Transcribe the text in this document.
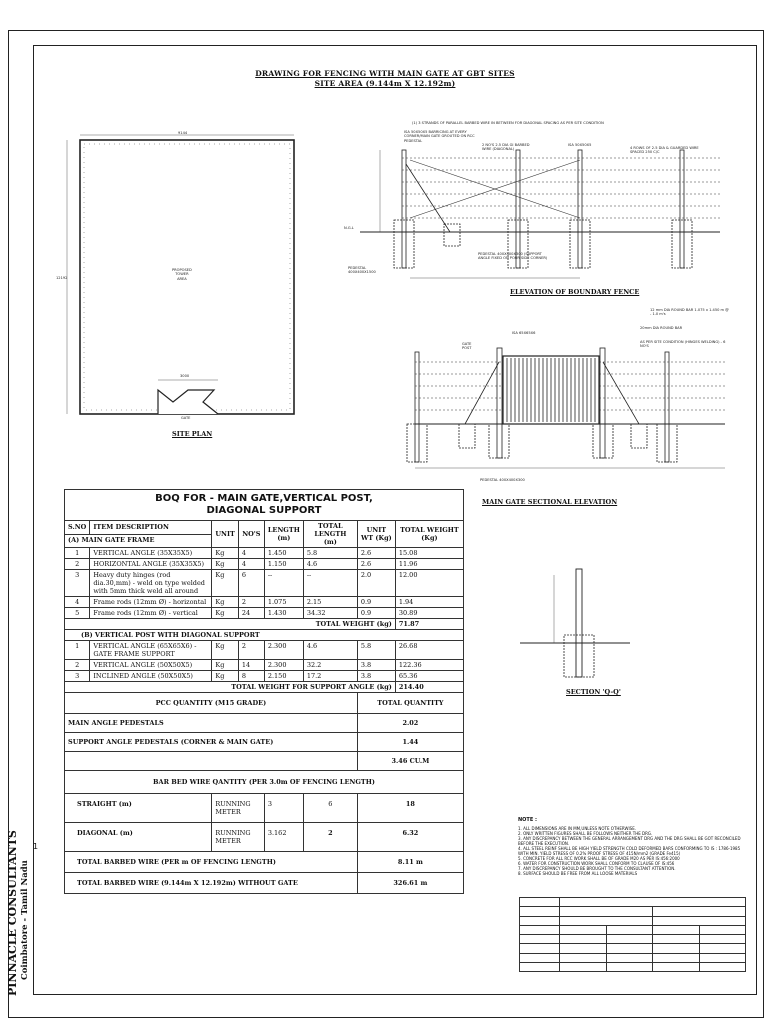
DRAWING FOR FENCING WITH MAIN GATE AT GBT SITES
SITE AREA (9.144m X 12.192m)
9144
12192
3000
PROPOSED
TOWER
AREA
GATE
SITE PLAN
(1) 3 STRANDS OF PARALLEL BARBED WIRE IN BETWEEN FOR DIAGONAL SPACING AS PER SITE CONDITION
ISA 50X50X5 BARRICING AT EVERY CORNER/MAIN GATE GROUTED ON RCC PEDESTAL
2 NO'S 2.5 DIA GI BARBED WIRE (DIAGONAL)
ISA 50X50X5
4 ROWS OF 2.5 DIA & GUARDED WIRE SPACED 250 C/C
N.G.L
PEDESTAL 400X400X1500
PEDESTAL 400X400X300 (SUPPORT ANGLE FIXED ON POUR SIDE CORNER)
ELEVATION OF BOUNDARY FENCE
12 mm DIA ROUND BAR 1.075 x 1.450 m @ - 1.0 m's
20mm DIA ROUND BAR
AS PER SITE CONDITION (HINGES WELDING) - 6 NO'S
GATE POST
ISA 65X65X6
PEDESTAL 400X400X300
MAIN GATE SECTIONAL ELEVATION
SECTION 'Q-Q'
BOQ FOR - MAIN GATE,VERTICAL POST,
DIAGONAL SUPPORT							

S.NO	ITEM DESCRIPTION	UNIT	NO'S	LENGTH (m)	TOTAL LENGTH (m)	UNIT WT (Kg)	TOTAL WEIGHT (Kg)
(A) MAIN GATE FRAME							
1	VERTICAL ANGLE (35X35X5)	Kg	4	1.450	5.8	2.6	15.08
2	HORIZONTAL ANGLE (35X35X5)	Kg	4	1.150	4.6	2.6	11.96
3	Heavy duty hinges (rod dia.30,mm) - weld on type welded with 5mm thick weld all around	Kg	6	--	--	2.0	12.00
4	Frame rods (12mm Ø) - horizontal	Kg	2	1.075	2.15	0.9	1.94
5	Frame rods (12mm Ø) - vertical	Kg	24	1.430	34.32	0.9	30.89
TOTAL WEIGHT (kg)							71.87
(B) VERTICAL POST WITH DIAGONAL SUPPORT							
1	VERTICAL ANGLE (65X65X6) - GATE FRAME SUPPORT	Kg	2	2.300	4.6	5.8	26.68
2	VERTICAL ANGLE (50X50X5)	Kg	14	2.300	32.2	3.8	122.36
3	INCLINED ANGLE (50X50X5)	Kg	8	2.150	17.2	3.8	65.36
TOTAL WEIGHT FOR SUPPORT ANGLE (kg)							214.40
PCC QUANTITY (M15 GRADE)						TOTAL QUANTITY	
MAIN ANGLE PEDESTALS						2.02	
SUPPORT ANGLE PEDESTALS (CORNER & MAIN GATE)						1.44	
						3.46 CU.M	
BAR BED WIRE QANTITY (PER 3.0m OF FENCING LENGTH)							
STRAIGHT (m)		RUNNING METER		3	6	18	
DIAGONAL (m)		RUNNING METER		3.162	2	6.32	
TOTAL BARBED WIRE (PER m OF FENCING LENGTH)						8.11 m	
TOTAL BARBED WIRE (9.144m X 12.192m) WITHOUT GATE						326.61 m	
NOTE :
1. ALL DIMENSIONS ARE IN MM,UNLESS NOTE OTHERWISE.
2. ONLY WRITTEN FIGURES SHALL BE FOLLOWS NEITHER THE DRG.
3. ANY DISCREPANCY BETWEEN THE GENERAL ARRANGEMENT DRG AND THE DRG SHALL BE GOT RECONCILED BEFORE THE EXECUTION.
4. ALL STEEL REINF SHALL BE HIGH YIELD STRENGTH COLD DEFORMED BARS CONFORMING TO IS : 1786-1985 WITH MIN. YIELD STRESS OF 0.2% PROOF STRESS OF 415N/mm2 (GRADE Fe415)
5. CONCRETE FOR ALL RCC WORK SHALL BE OF GRADE M20 AS PER IS:456:2000
6. WATER FOR CONSTRUCTION WORK SHALL CONFORM TO CLAUSE OF IS:456
7. ANY DISCREPANCY SHOULD BE BROUGHT TO THE CONSULTANT ATTENTION.
8. SURFACE SHOULD BE FREE FROM ALL LOOSE MATERIALS

PINNACLE CONSULTANTS Coimbatore - Tamil Nadu
1
